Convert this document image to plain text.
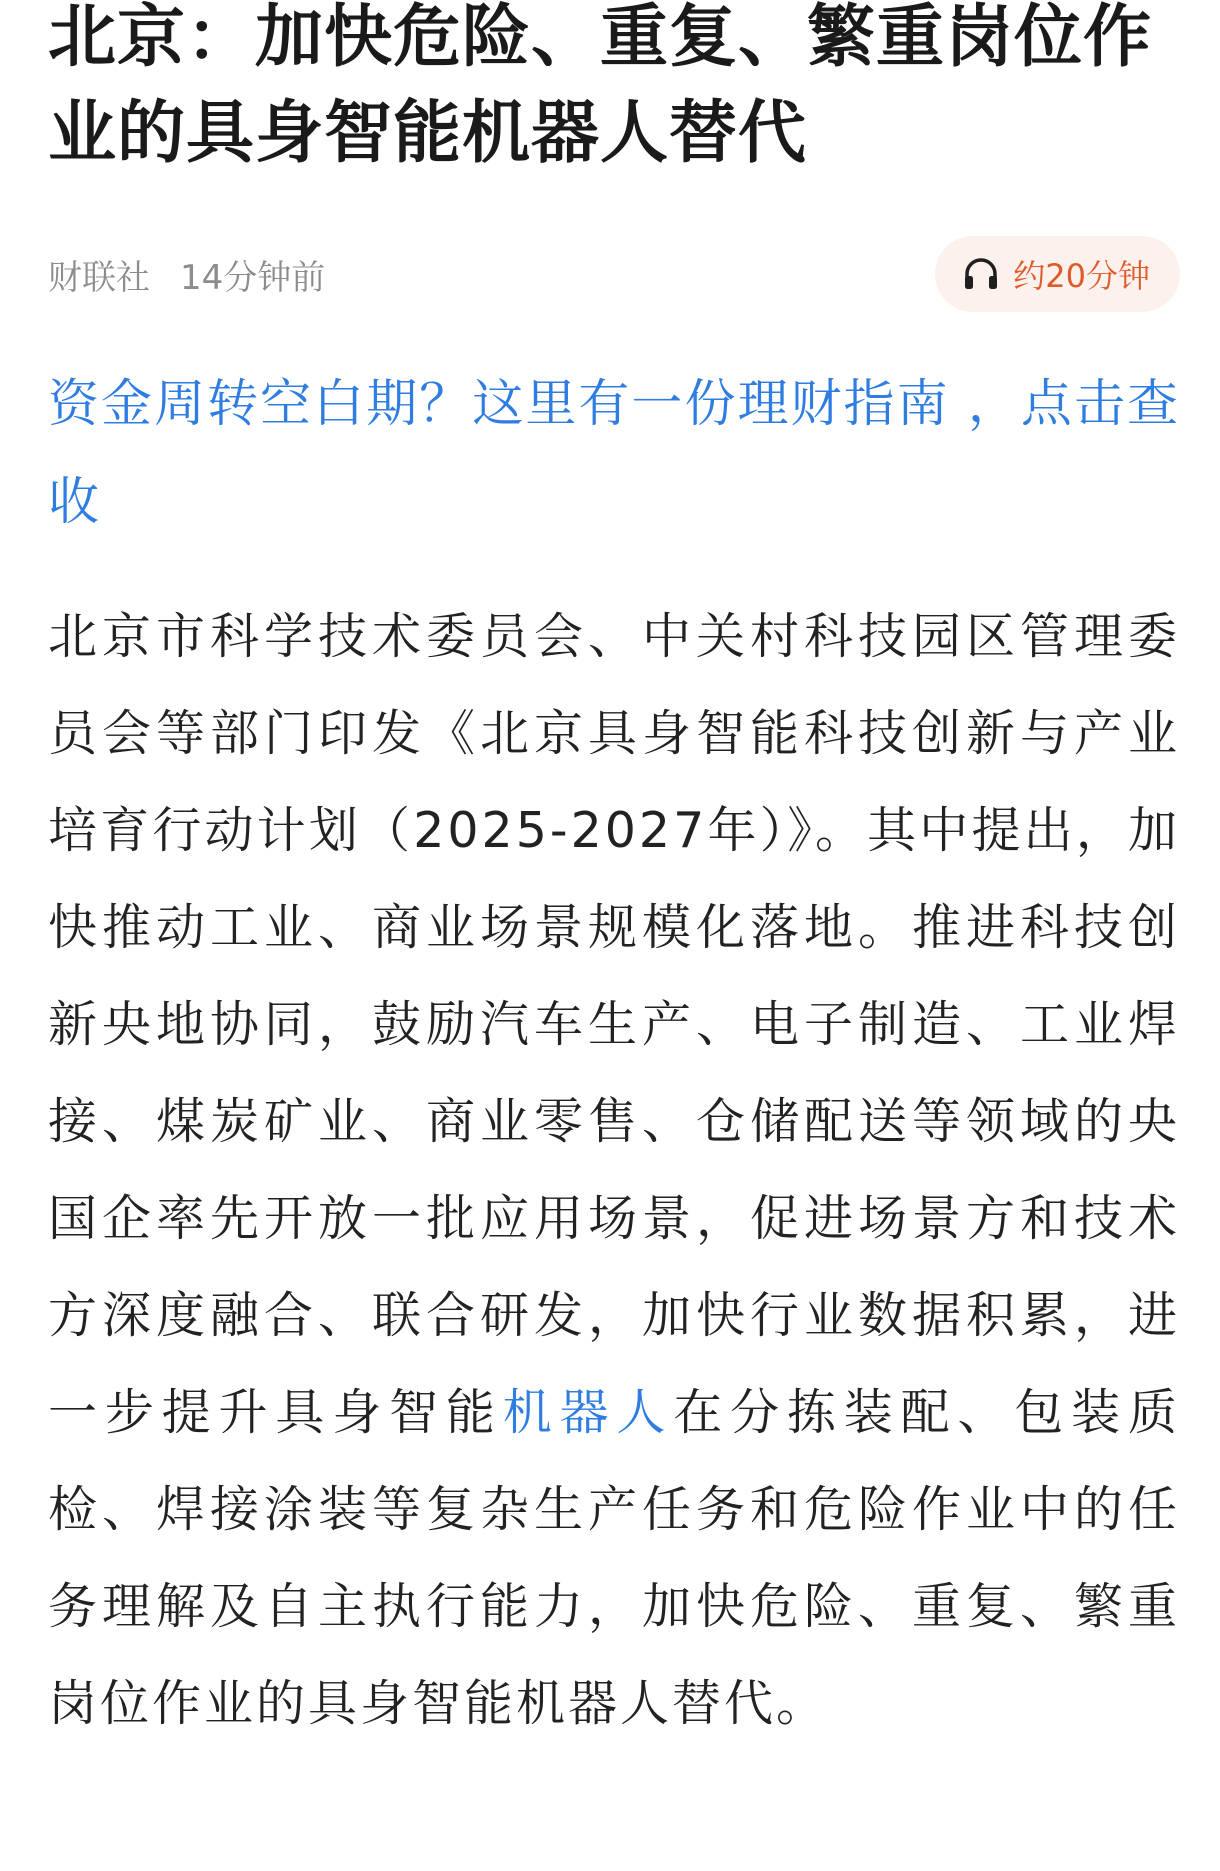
北京：加快危险、重复、繁重岗位作业的具身智能机器人替代
财联社 14分钟前	约20分钟
资金周转空白期？这里有一份理财指南 ，点击查收

北京市科学技术委员会、中关村科技园区管理委员会等部门印发《北京具身智能科技创新与产业培育行动计划（2025-2027年）》。其中提出，加快推动工业、商业场景规模化落地。推进科技创新央地协同，鼓励汽车生产、电子制造、工业焊接、煤炭矿业、商业零售、仓储配送等领域的央国企率先开放一批应用场景，促进场景方和技术方深度融合、联合研发，加快行业数据积累，进一步提升具身智能机器人在分拣装配、包装质检、焊接涂装等复杂生产任务和危险作业中的任务理解及自主执行能力，加快危险、重复、繁重岗位作业的具身智能机器人替代。
